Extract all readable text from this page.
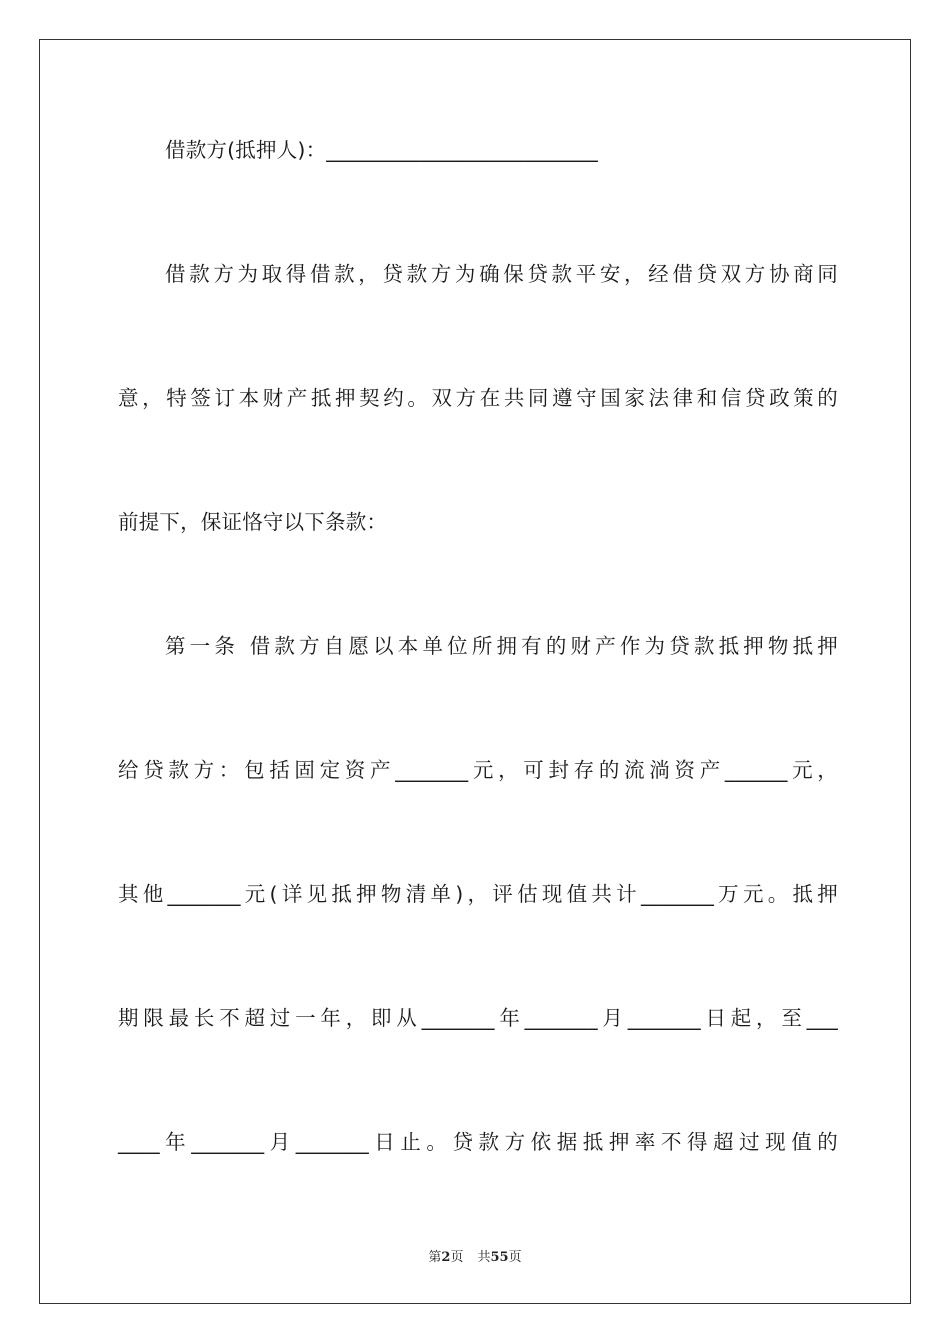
借款方(抵押人)：__________________________
借款方为取得借款，贷款方为确保贷款平安，经借贷双方协商同
意，特签订本财产抵押契约。双方在共同遵守国家法律和信贷政策的
前提下，保证恪守以下条款：
第一条 借款方自愿以本单位所拥有的财产作为贷款抵押物抵押
给贷款方：包括固定资产_______元，可封存的流淌资产______元，
其他_______元(详见抵押物清单)，评估现值共计_______万元。抵押
期限最长不超过一年，即从_______年_______月_______日起，至___
____年_______月_______日止。贷款方依据抵押率不得超过现值的
第2页 共55页
